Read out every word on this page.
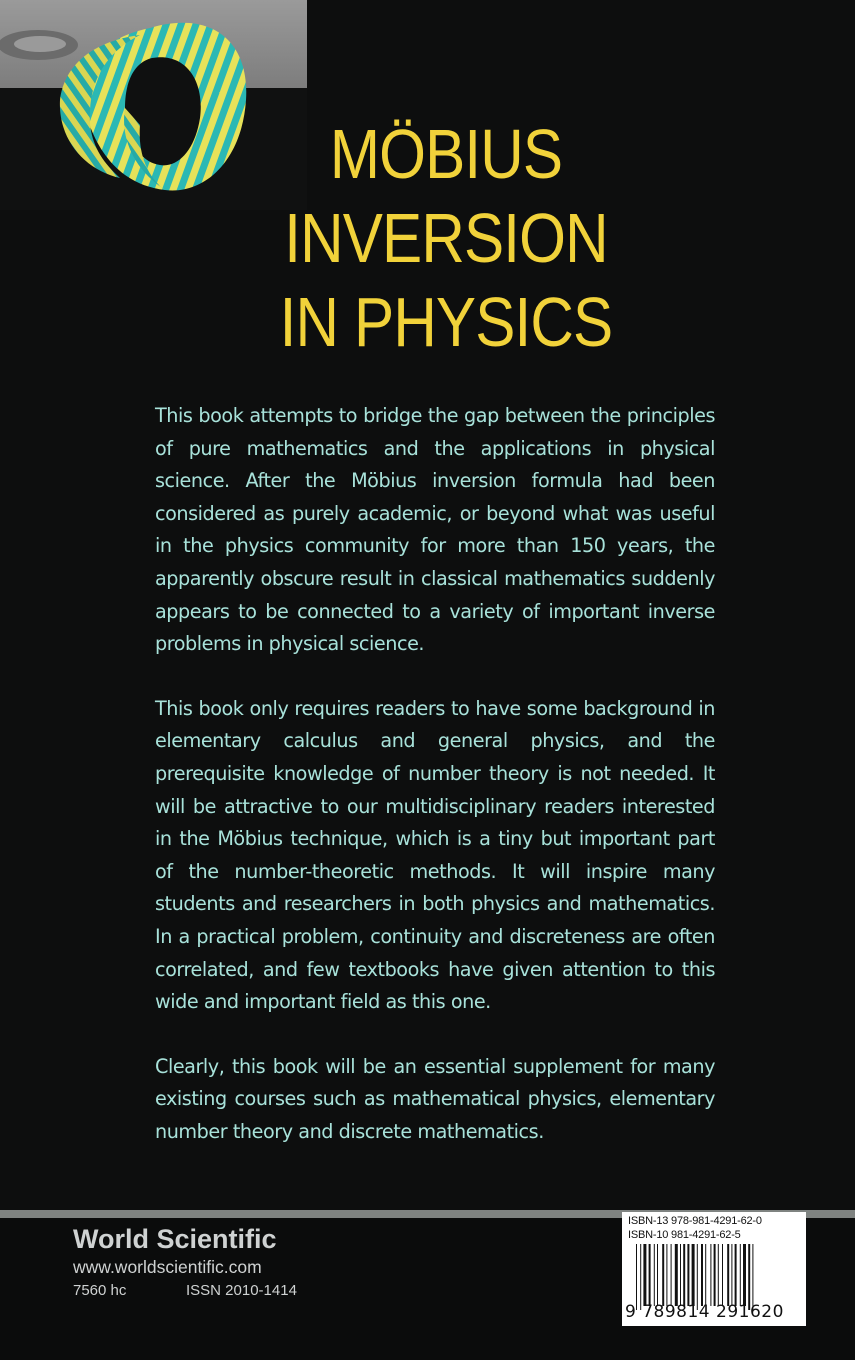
MÖBIUS
INVERSION
IN PHYSICS

This book attempts to bridge the gap between the principles of pure mathematics and the applications in physical science. After the Möbius inversion formula had been considered as purely academic, or beyond what was useful in the physics community for more than 150 years, the apparently obscure result in classical mathematics suddenly appears to be connected to a variety of important inverse problems in physical science.

This book only requires readers to have some background in elementary calculus and general physics, and the prerequisite knowledge of number theory is not needed. It will be attractive to our multidisciplinary readers interested in the Möbius technique, which is a tiny but important part of the number-theoretic methods. It will inspire many students and researchers in both physics and mathematics. In a practical problem, continuity and discreteness are often correlated, and few textbooks have given attention to this wide and important field as this one.

Clearly, this book will be an essential supplement for many existing courses such as mathematical physics, elementary number theory and discrete mathematics.

World Scientific
www.worldscientific.com
7560 hc	ISSN 2010-1414
ISBN-13 978-981-4291-62-0
ISBN-10 981-4291-62-5
9 789814 291620
